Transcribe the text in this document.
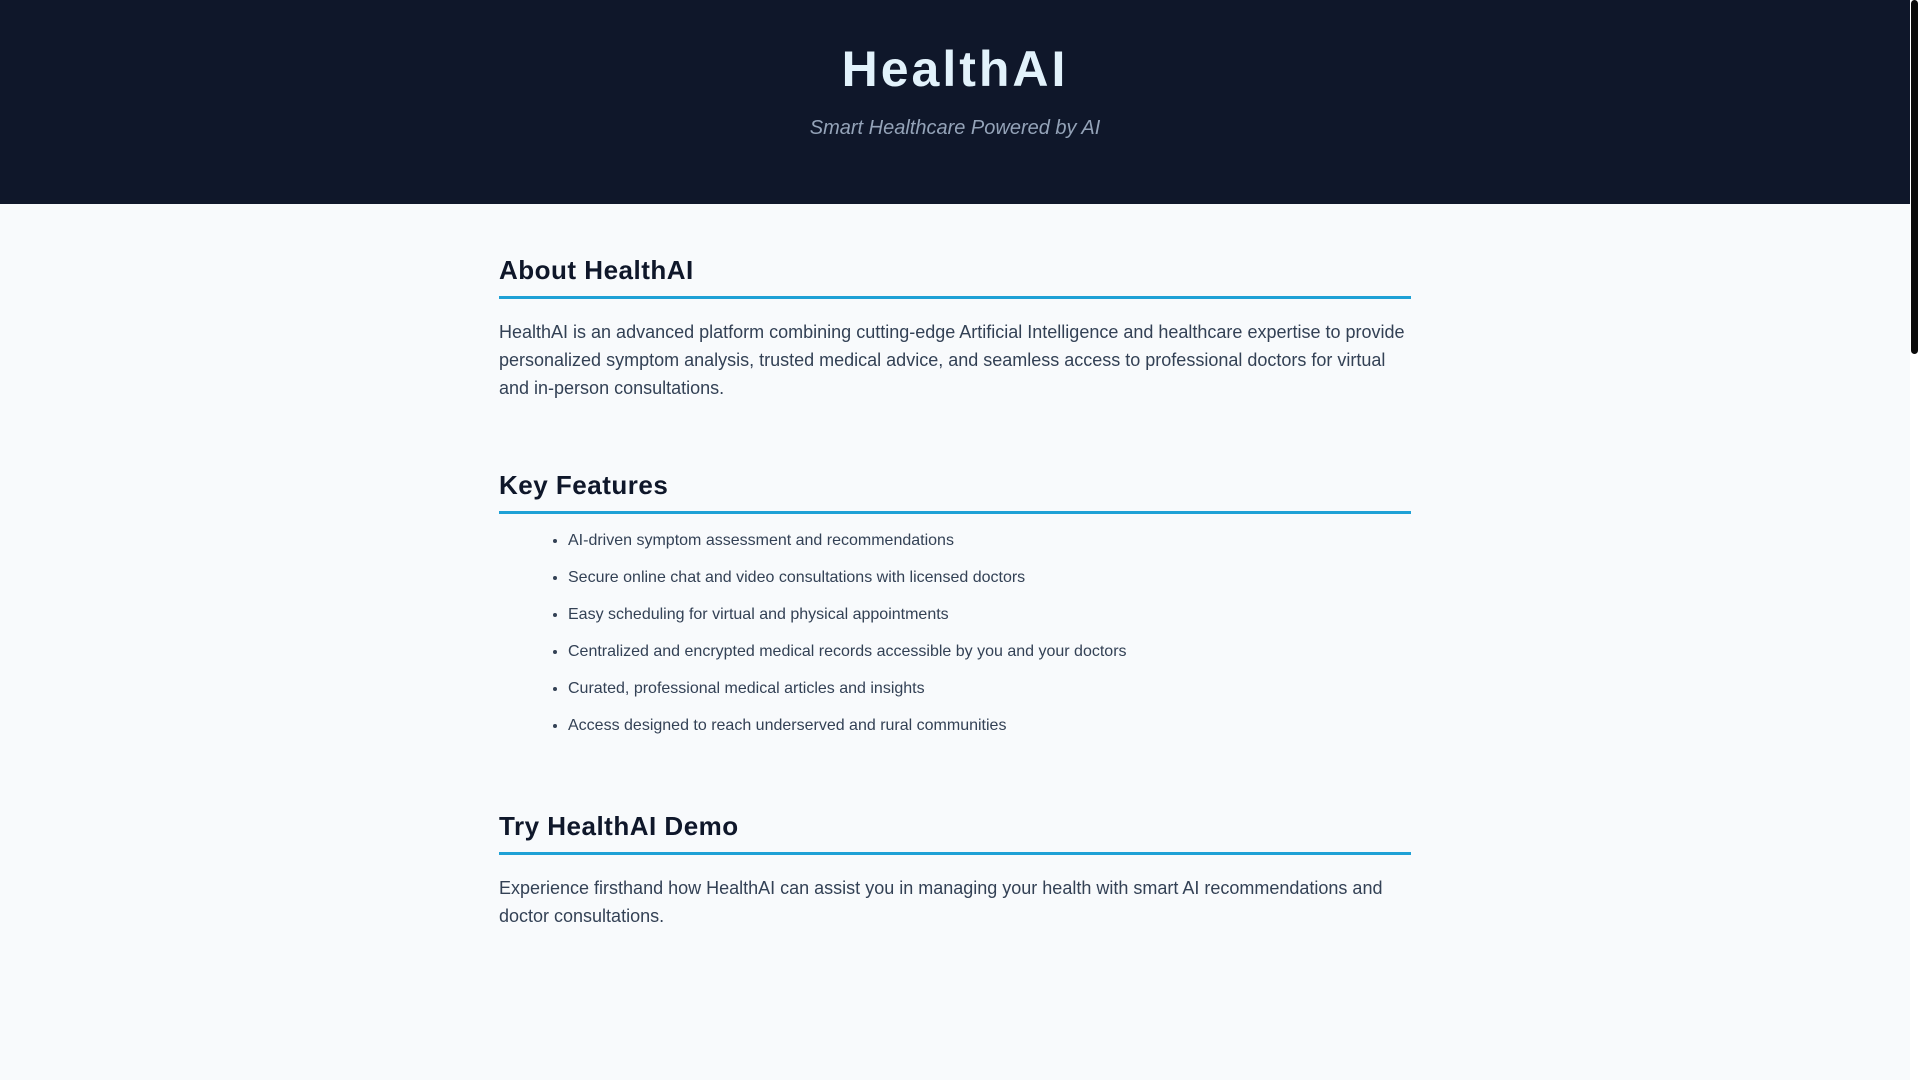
HealthAI

Smart Healthcare Powered by AI

About HealthAI

HealthAI is an advanced platform combining cutting-edge Artificial Intelligence and healthcare expertise to provide personalized symptom analysis, trusted medical advice, and seamless access to professional doctors for virtual and in-person consultations.

Key Features
• AI-driven symptom assessment and recommendations
• Secure online chat and video consultations with licensed doctors
• Easy scheduling for virtual and physical appointments
• Centralized and encrypted medical records accessible by you and your doctors
• Curated, professional medical articles and insights
• Access designed to reach underserved and rural communities
Try HealthAI Demo

Experience firsthand how HealthAI can assist you in managing your health with smart AI recommendations and doctor consultations.
